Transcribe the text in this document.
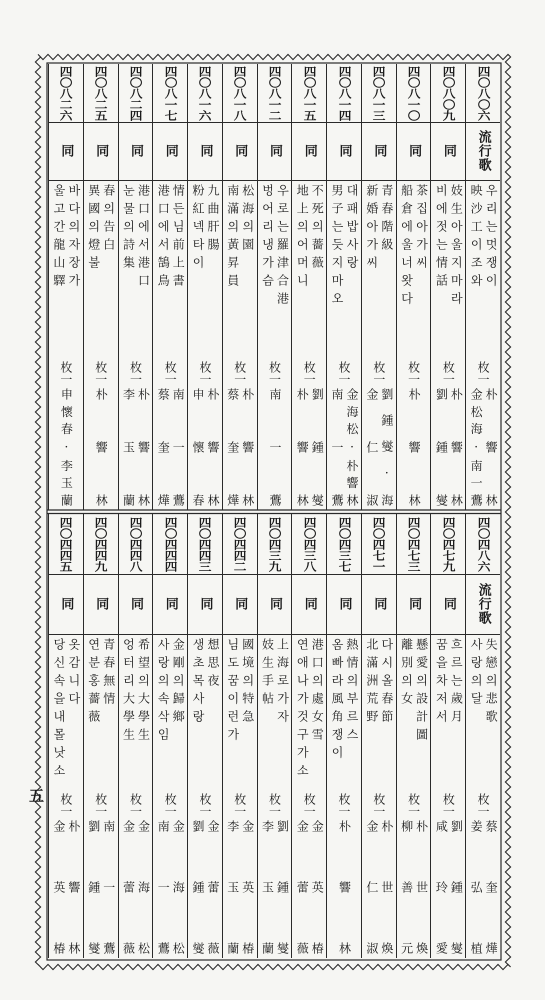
四〇八〇六
流行歌
우리는멋쟁이
映沙工이조와
枚一
朴響林
金松海·南一鷰
四〇八〇九
同
妓生아울지마라
비에젓는情話
枚一
朴響林
劉鍾燮
四〇八一〇
同
茶집아가씨
船倉에울너왓다
枚一
朴響林
四〇八一三
同
青春階級
新婚아가씨
枚一
劉鍾燮·海
金仁淑
四〇八一四
同
대패밥사랑
男子는듯지마오
枚一
金海松·朴響林
南一鷰
四〇八一五
同
不死의薔薇
地上의어머니
枚一
劉鍾燮
朴響林
四〇八一二
同
우로는羅津合港
벙어리냉가슴
枚一
南一鷰
四〇八一八
同
松海의園
南滿의黃昇員
枚一
朴響林
蔡奎燁
四〇八一六
同
九曲肝腸
粉紅넥타이
枚一
朴響林
申懷春
四〇八一七
同
情든님前上書
港口에서鵠鳥
枚一
南一鷰
蔡奎燁
四〇八二四
同
港口에서港口
눈물의詩集
枚一
朴響林
李玉蘭
四〇八二五
同
春의告白
異國의燈불
枚一
朴響林
四〇八二六
同
바다의자장가
울고간龍山驛
枚一
申懷春·李玉蘭
四〇四八六
流行歌
失戀의悲歌
사랑의달
枚一
蔡奎燁
姜弘植
四〇四七九
同
흐르는歲月
꿈을차저서
枚一
劉鍾燮
咸玲愛
四〇四七三
同
懸愛의設計圖
離別의女
枚一
朴世煥
柳善元
四〇四七一
同
다시올春節
北滿洲荒野
枚一
朴世煥
金仁淑
四〇四三七
同
熱情의부르스
옴빠라風角쟁이
枚一
朴響林
四〇四三八
同
港口의處女雪
연애나가것구가소
枚一
金英椿
金蕾薇
四〇四三九
同
上海로가자
妓生手帖
枚一
劉鍾燮
李玉蘭
四〇四四二
同
國境의特急
님도꿈이런가
枚一
金英椿
李玉蘭
四〇四四三
同
想思夜
생초목사랑
枚一
金蕾薇
劉鍾燮
四〇四四四
同
金剛의歸鄉
사랑의속삭임
枚一
金海松
南一鷰
四〇四四八
同
希望의大學生
엉터리大學生
枚一
金海松
金蕾薇
四〇四四九
同
青春無情
연분홍薔薇
枚一
南一鷰
劉鍾燮
四〇四四五
同
옷감니다
당신속을내몰낫소
枚一
朴響林
金英椿
五
